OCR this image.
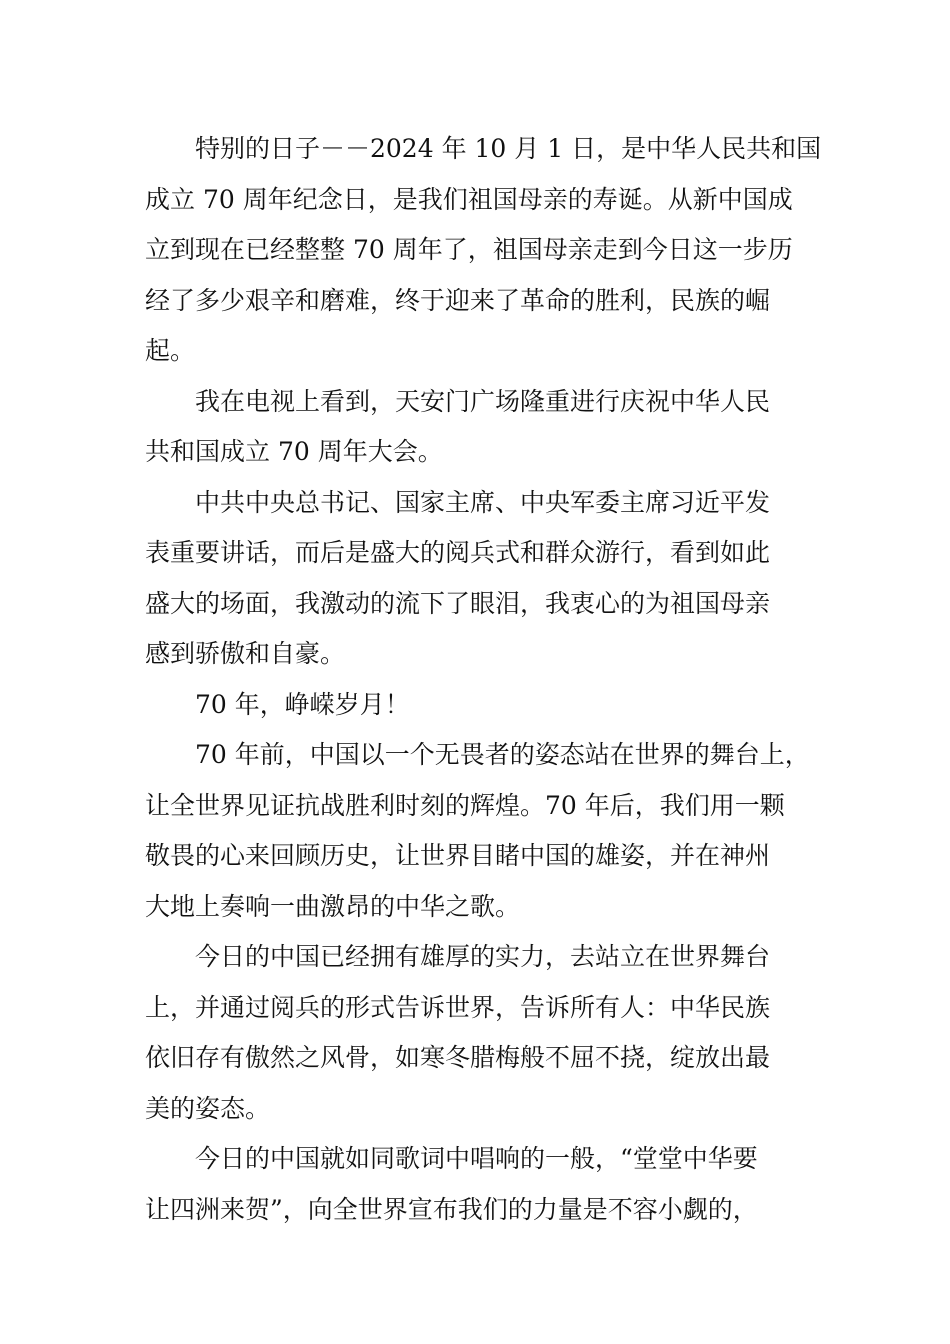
特别的日子－－2024 年 10 月 1 日，是中华人民共和国
成立 70 周年纪念日，是我们祖国母亲的寿诞。从新中国成
立到现在已经整整 70 周年了，祖国母亲走到今日这一步历
经了多少艰辛和磨难，终于迎来了革命的胜利，民族的崛
起。

我在电视上看到，天安门广场隆重进行庆祝中华人民
共和国成立 70 周年大会。

中共中央总书记、国家主席、中央军委主席习近平发
表重要讲话，而后是盛大的阅兵式和群众游行，看到如此
盛大的场面，我激动的流下了眼泪，我衷心的为祖国母亲
感到骄傲和自豪。

70 年，峥嵘岁月！

70 年前，中国以一个无畏者的姿态站在世界的舞台上，
让全世界见证抗战胜利时刻的辉煌。70 年后，我们用一颗
敬畏的心来回顾历史，让世界目睹中国的雄姿，并在神州
大地上奏响一曲激昂的中华之歌。

今日的中国已经拥有雄厚的实力，去站立在世界舞台
上，并通过阅兵的形式告诉世界，告诉所有人：中华民族
依旧存有傲然之风骨，如寒冬腊梅般不屈不挠，绽放出最
美的姿态。

今日的中国就如同歌词中唱响的一般，“堂堂中华要
让四洲来贺”，向全世界宣布我们的力量是不容小觑的，
